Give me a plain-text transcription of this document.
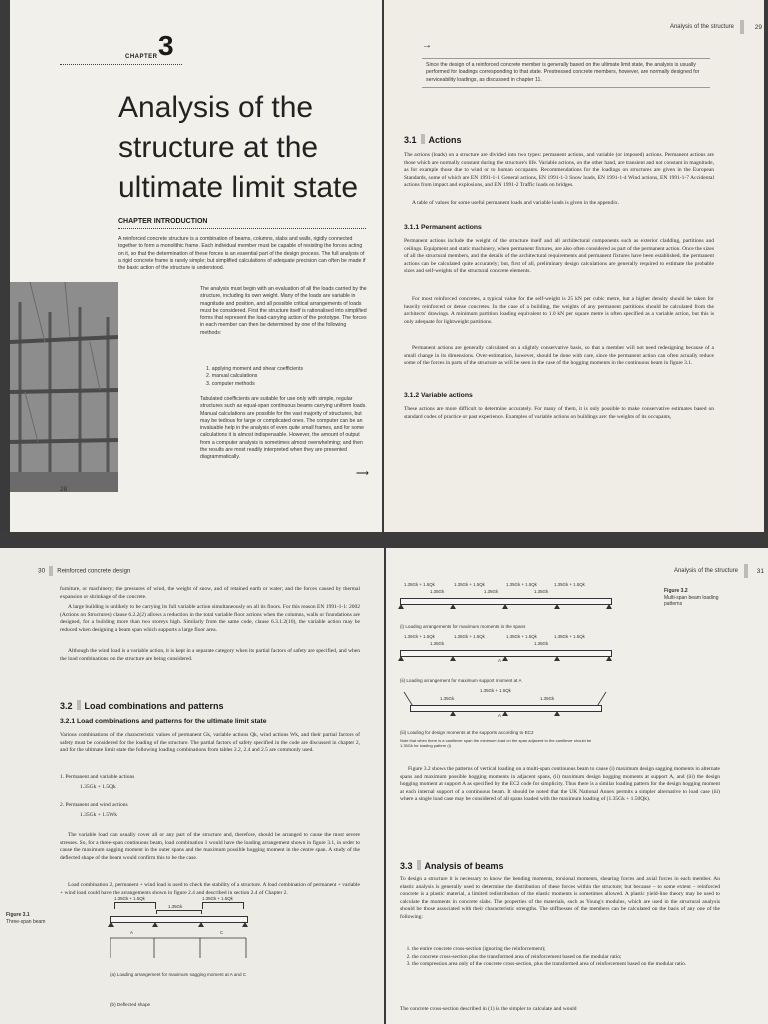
CHAPTER 3
Analysis of the
structure at the
ultimate limit state
CHAPTER INTRODUCTION
A reinforced concrete structure is a combination of beams, columns, slabs and walls, rigidly connected together to form a monolithic frame. Each individual member must be capable of resisting the forces acting on it, so that the determination of these forces is an essential part of the design process. The full analysis of a rigid concrete frame is rarely simple; but simplified calculations of adequate precision can often be made if the basic action of the structure is understood.
The analysis must begin with an evaluation of all the loads carried by the structure, including its own weight. Many of the loads are variable in magnitude and position, and all possible critical arrangements of loads must be considered. First the structure itself is rationalised into simplified forms that represent the load-carrying action of the prototype. The forces in each member can then be determined by one of the following methods:
1. applying moment and shear coefficients
2. manual calculations
3. computer methods
Tabulated coefficients are suitable for use only with simple, regular structures such as equal-span continuous beams carrying uniform loads. Manual calculations are possible for the vast majority of structures, but may be tedious for large or complicated ones. The computer can be an invaluable help in the analysis of even quite small frames, and for some calculations it is almost indispensable. However, the amount of output from a computer analysis is sometimes almost overwhelming; and then the results are most readily interpreted when they are presented diagrammatically.
⟶
28
Analysis of the structure	29
→
Since the design of a reinforced concrete member is generally based on the ultimate limit state, the analysis is usually performed for loadings corresponding to that state. Prestressed concrete members, however, are normally designed for serviceability loadings, as discussed in chapter 11.
3.1 Actions
The actions (loads) on a structure are divided into two types: permanent actions, and variable (or imposed) actions. Permanent actions are those which are normally constant during the structure's life. Variable actions, on the other hand, are transient and not constant in magnitude, as for example those due to wind or to human occupants. Recommendations for the loadings on structures are given in the European Standards, some of which are EN 1991-1-1 General actions, EN 1991-1-3 Snow loads, EN 1991-1-4 Wind actions, EN 1991-1-7 Accidental actions from impact and explosions, and EN 1991-2 Traffic loads on bridges.
A table of values for some useful permanent loads and variable loads is given in the appendix.
3.1.1 Permanent actions
Permanent actions include the weight of the structure itself and all architectural components such as exterior cladding, partitions and ceilings. Equipment and static machinery, when permanent fixtures, are also often considered as part of the permanent action. Once the sizes of all the structural members, and the details of the architectural requirements and permanent fixtures have been established, the permanent actions can be calculated quite accurately; but, first of all, preliminary design calculations are generally required to estimate the probable sizes and self-weights of the structural concrete elements.
For most reinforced concretes, a typical value for the self-weight is 25 kN per cubic metre, but a higher density should be taken for heavily reinforced or dense concretes. In the case of a building, the weights of any permanent partitions should be calculated from the architects' drawings. A minimum partition loading equivalent to 1.0 kN per square metre is often specified as a variable action, but this is only adequate for lightweight partitions.
Permanent actions are generally calculated on a slightly conservative basis, so that a member will not need redesigning because of a small change in its dimensions. Over-estimation, however, should be done with care, since the permanent action can often actually reduce some of the forces in parts of the structure as will be seen in the case of the hogging moments in the continuous beam in figure 3.1.
3.1.2 Variable actions
These actions are more difficult to determine accurately. For many of them, it is only possible to make conservative estimates based on standard codes of practice or past experience. Examples of variable actions on buildings are: the weights of its occupants,
30 Reinforced concrete design
furniture, or machinery; the pressures of wind, the weight of snow, and of retained earth or water; and the forces caused by thermal expansion or shrinkage of the concrete.
A large building is unlikely to be carrying its full variable action simultaneously on all its floors. For this reason EN 1991-1-1: 2002 (Actions on Structures) clause 6.2.2(2) allows a reduction in the total variable floor actions when the columns, walls or foundations are designed, for a building more than two storeys high. Similarly from the same code, clause 6.3.1.2(10), the variable action may be reduced when designing a beam span which supports a large floor area.
Although the wind load is a variable action, it is kept in a separate category when its partial factors of safety are specified, and when the load combinations on the structure are being considered.
3.2 Load combinations and patterns
3.2.1 Load combinations and patterns for the ultimate limit state
Various combinations of the characteristic values of permanent Gk, variable actions Qk, wind actions Wk, and their partial factors of safety must be considered for the loading of the structure. The partial factors of safety specified in the code are discussed in chapter 2, and for the ultimate limit state the following loading combinations from tables 2.2, 2.4 and 2.5 are commonly used.
1. Permanent and variable actions
1.35Gk + 1.5Qk
2. Permanent and wind actions
1.35Gk + 1.5Wk
The variable load can usually cover all or any part of the structure and, therefore, should be arranged to cause the most severe stresses. So, for a three-span continuous beam, load combination 1 would have the loading arrangement shown in figure 3.1, in order to cause the maximum sagging moment in the outer spans and the maximum possible hogging moment in the centre span. A study of the deflected shape of the beam would confirm this to be the case.
Load combination 2, permanent + wind load is used to check the stability of a structure. A load combination of permanent + variable + wind load could have the arrangements shown in figure 2.4 and described in section 2.4 of Chapter 2.
Figure 3.1
Three-span beam
1.35Gk + 1.5Qk	1.35Gk + 1.5Qk
1.35Gk
A	C
(a) Loading arrangement for maximum sagging moment at A and C
(b) Deflected shape
Analysis of the structure	31
Figure 3.2
Multi-span beam loading patterns
1.35Gk + 1.5Qk	1.35Gk + 1.5Qk	1.35Gk + 1.5Qk	1.35Gk + 1.5Qk
1.35Gk	1.35Gk	1.35Gk
(i) Loading arrangements for maximum moments in the spans
1.35Gk + 1.5Qk	1.35Gk + 1.5Qk	1.35Gk + 1.5Qk	1.35Gk + 1.5Qk
1.35Gk	1.35Gk
A
(ii) Loading arrangement for maximum support moment at A
1.35Gk + 1.5Qk
1.35Gk	1.35Gk
A
(iii) Loading for design moments at the supports according to EC2
Note that when there is a cantilever span the minimum load on the span adjacent to the cantilever should be 1.35Gk for loading pattern (i)
Figure 3.2 shows the patterns of vertical loading on a multi-span continuous beam to cause (i) maximum design sagging moments in alternate spans and maximum possible hogging moments in adjacent spans, (ii) maximum design hogging moments at support A, and (iii) the design hogging moment at support A as specified by the EC2 code for simplicity. Thus there is a similar loading pattern for the design hogging moment at each internal support of a continuous beam. It should be noted that the UK National Annex permits a simpler alternative to load case (iii) where a single load case may be considered of all spans loaded with the maximum loading of (1.35Gk + 1.50Qk).
3.3 Analysis of beams
To design a structure it is necessary to know the bending moments, torsional moments, shearing forces and axial forces in each member. An elastic analysis is generally used to determine the distribution of these forces within the structure; but because – to some extent – reinforced concrete is a plastic material, a limited redistribution of the elastic moments is sometimes allowed. A plastic yield-line theory may be used to calculate the moments in concrete slabs. The properties of the materials, such as Young's modulus, which are used in the structural analysis should be those associated with their characteristic strengths. The stiffnesses of the members can be calculated on the basis of any one of the following:
1. the entire concrete cross-section (ignoring the reinforcement);
2. the concrete cross-section plus the transformed area of reinforcement based on the modular ratio;
3. the compression area only of the concrete cross-section, plus the transformed area of reinforcement based on the modular ratio.
The concrete cross-section described in (1) is the simpler to calculate and would
